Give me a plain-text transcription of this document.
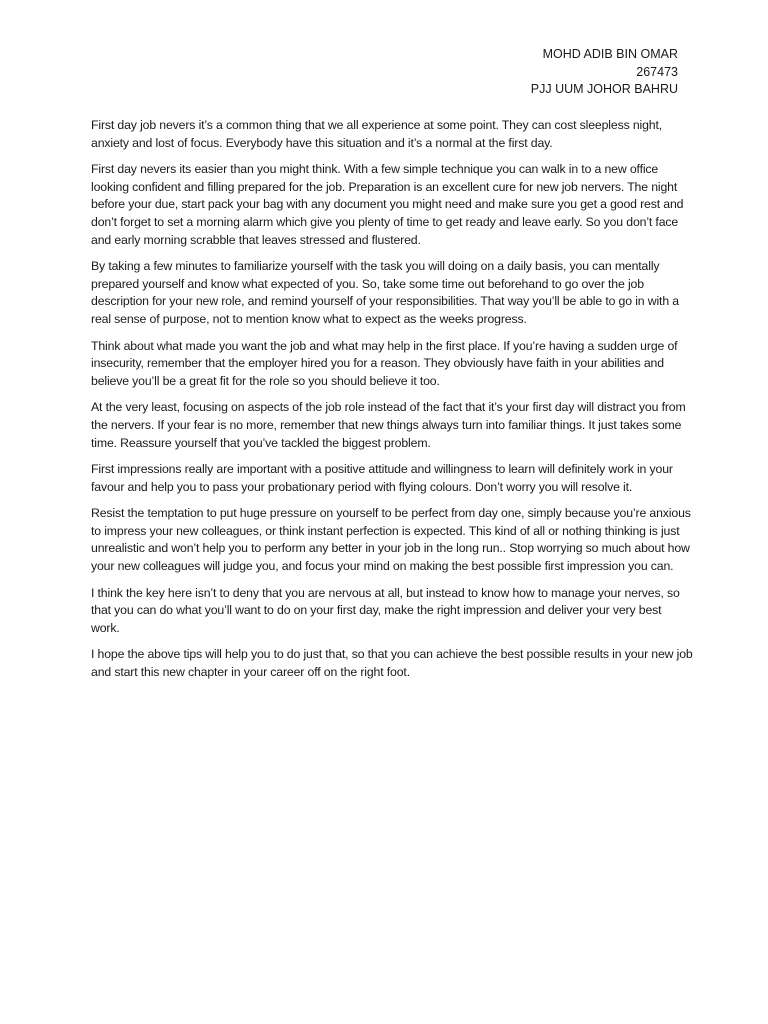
MOHD ADIB BIN OMAR
267473
PJJ UUM JOHOR BAHRU

First day job nevers it’s a common thing that we all experience at some point. They can cost sleepless night, anxiety and lost of focus. Everybody have this situation and it’s a normal at the first day.

First day nevers its easier than you might think. With a few simple technique you can walk in to a new office looking confident and filling prepared for the job. Preparation is an excellent cure for new job nervers. The night before your due, start pack your bag with any document you might need and make sure you get a good rest and don’t forget to set a morning alarm which give you plenty of time to get ready and leave early. So you don’t face and early morning scrabble that leaves stressed and flustered.

By taking a few minutes to familiarize yourself with the task you will doing on a daily basis, you can mentally prepared yourself and know what expected of you. So, take some time out beforehand to go over the job description for your new role, and remind yourself of your responsibilities. That way you’ll be able to go in with a real sense of purpose, not to mention know what to expect as the weeks progress.

Think about what made you want the job and what may help in the first place. If you’re having a sudden urge of insecurity, remember that the employer hired you for a reason. They obviously have faith in your abilities and believe you’ll be a great fit for the role so you should believe it too.

At the very least, focusing on aspects of the job role instead of the fact that it’s your first day will distract you from the nervers. If your fear is no more, remember that new things always turn into familiar things. It just takes some time. Reassure yourself that you’ve tackled the biggest problem.

First impressions really are important with a positive attitude and willingness to learn will definitely work in your favour and help you to pass your probationary period with flying colours. Don’t worry you will resolve it.

Resist the temptation to put huge pressure on yourself to be perfect from day one, simply because you’re anxious to impress your new colleagues, or think instant perfection is expected. This kind of all or nothing thinking is just unrealistic and won’t help you to perform any better in your job in the long run.. Stop worrying so much about how your new colleagues will judge you, and focus your mind on making the best possible first impression you can.

I think the key here isn’t to deny that you are nervous at all, but instead to know how to manage your nerves, so that you can do what you’ll want to do on your first day, make the right impression and deliver your very best work.

I hope the above tips will help you to do just that, so that you can achieve the best possible results in your new job and start this new chapter in your career off on the right foot.
